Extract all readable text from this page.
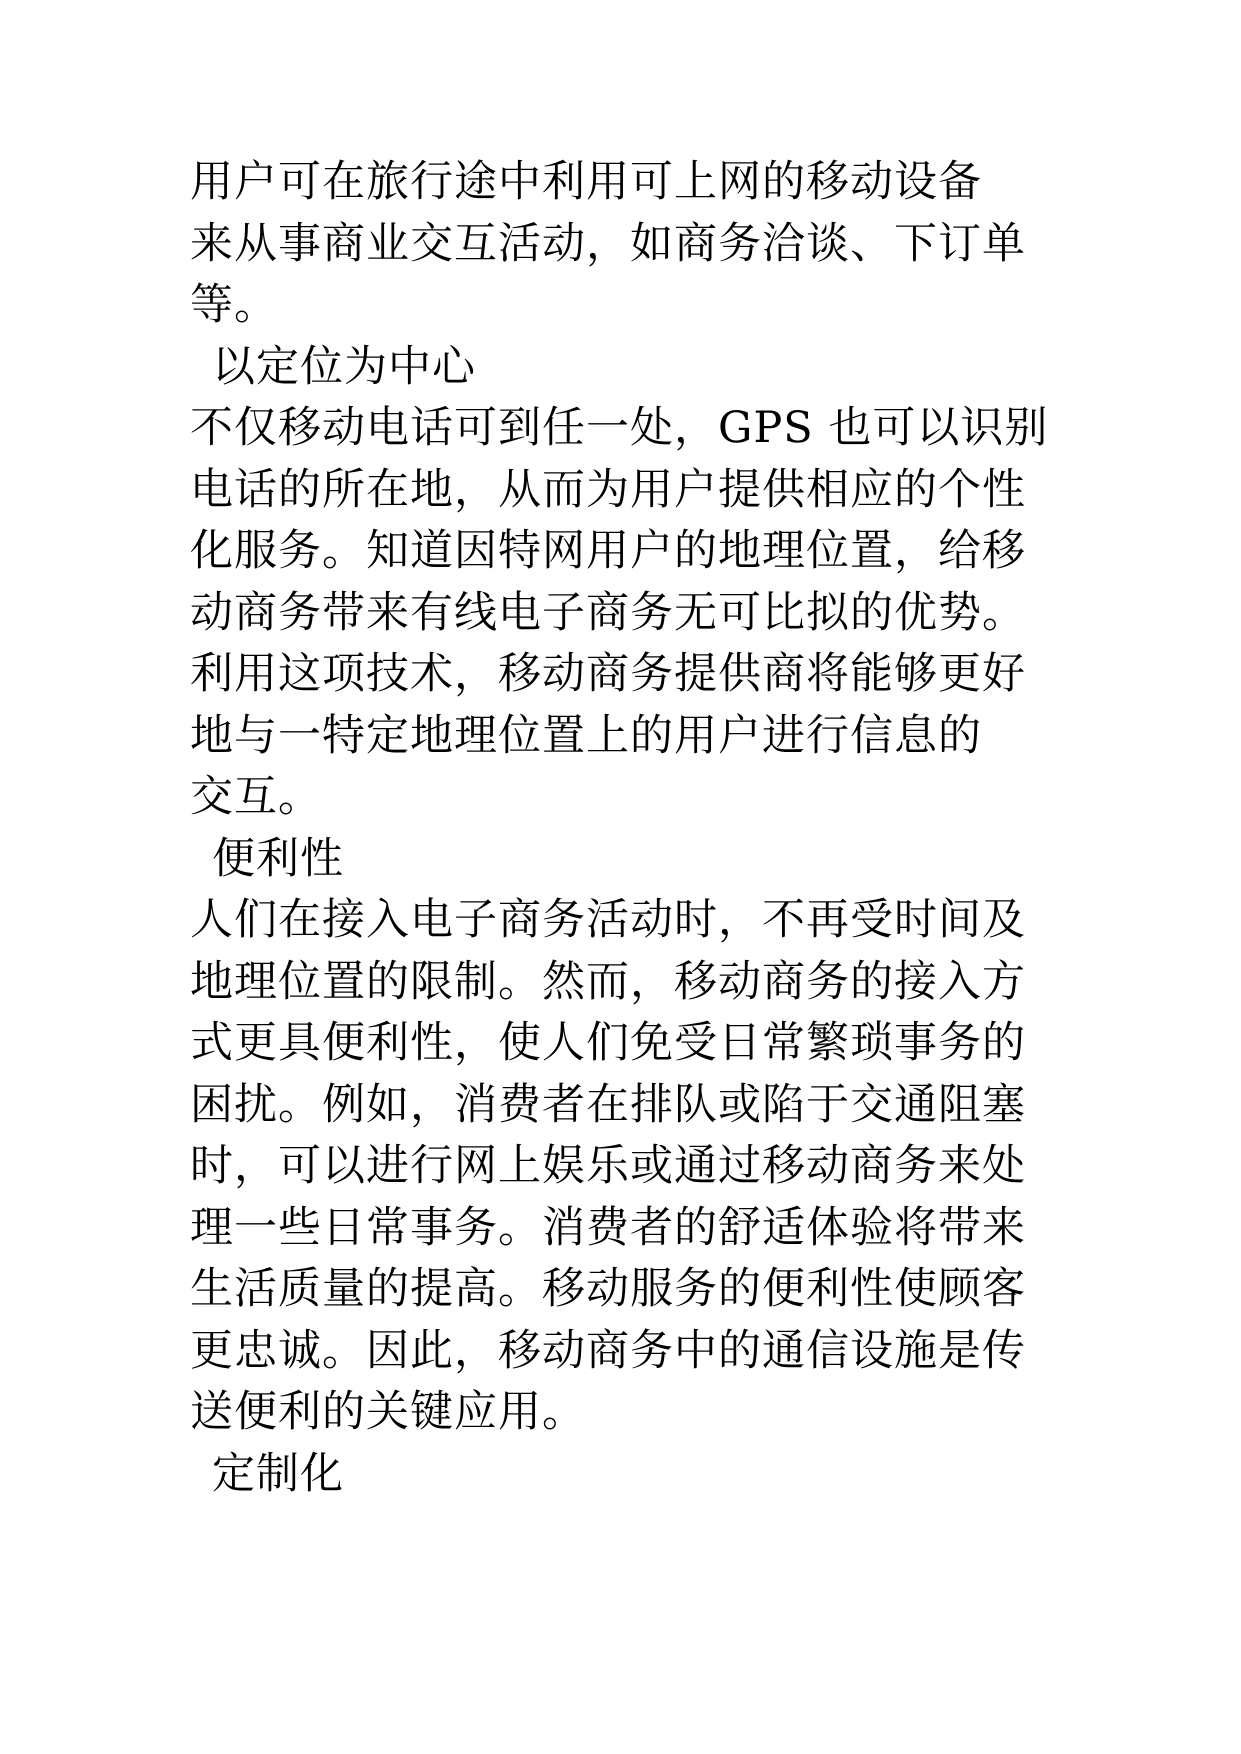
用户可在旅行途中利用可上网的移动设备
来从事商业交互活动，如商务洽谈、下订单
等。
以定位为中心
不仅移动电话可到任一处，GPS 也可以识别
电话的所在地，从而为用户提供相应的个性
化服务。知道因特网用户的地理位置，给移
动商务带来有线电子商务无可比拟的优势。
利用这项技术，移动商务提供商将能够更好
地与一特定地理位置上的用户进行信息的
交互。
便利性
人们在接入电子商务活动时，不再受时间及
地理位置的限制。然而，移动商务的接入方
式更具便利性，使人们免受日常繁琐事务的
困扰。例如，消费者在排队或陷于交通阻塞
时，可以进行网上娱乐或通过移动商务来处
理一些日常事务。消费者的舒适体验将带来
生活质量的提高。移动服务的便利性使顾客
更忠诚。因此，移动商务中的通信设施是传
送便利的关键应用。
定制化
